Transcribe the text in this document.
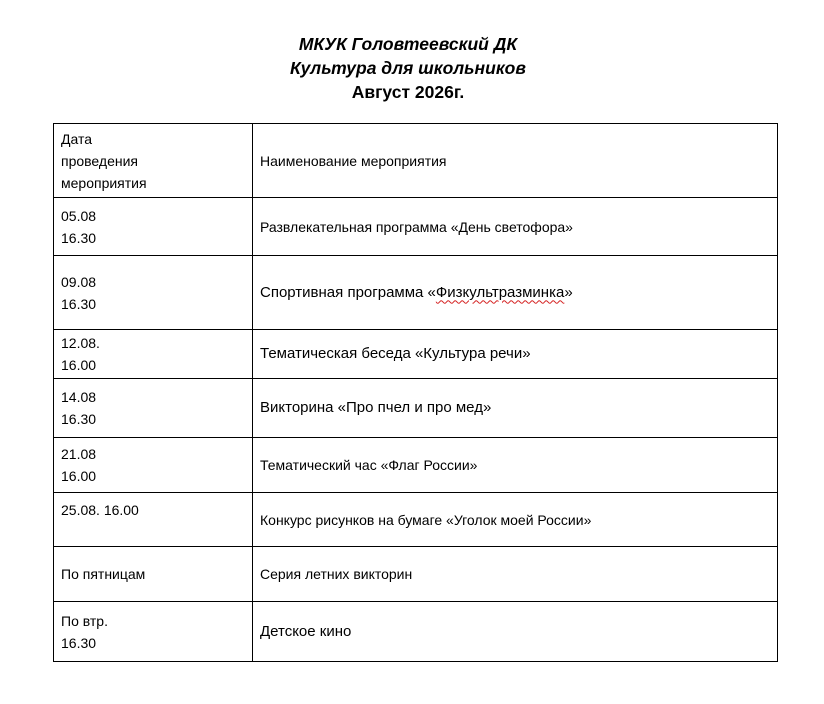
МКУК Головтеевский ДК
Культура для школьников
Август 2026г.
Дата
проведения
мероприятия	Наименование мероприятия

05.08
16.30	Развлекательная программа «День светофора»

09.08
16.30	Спортивная программа «Физкультразминка»

12.08.
16.00	Тематическая беседа «Культура речи»

14.08
16.30	Викторина «Про пчел и про мед»

21.08
16.00	Тематический час «Флаг России»

25.08. 16.00	Конкурс рисунков на бумаге «Уголок моей России»

По пятницам	Серия летних викторин

По втр.
16.30	Детское кино
